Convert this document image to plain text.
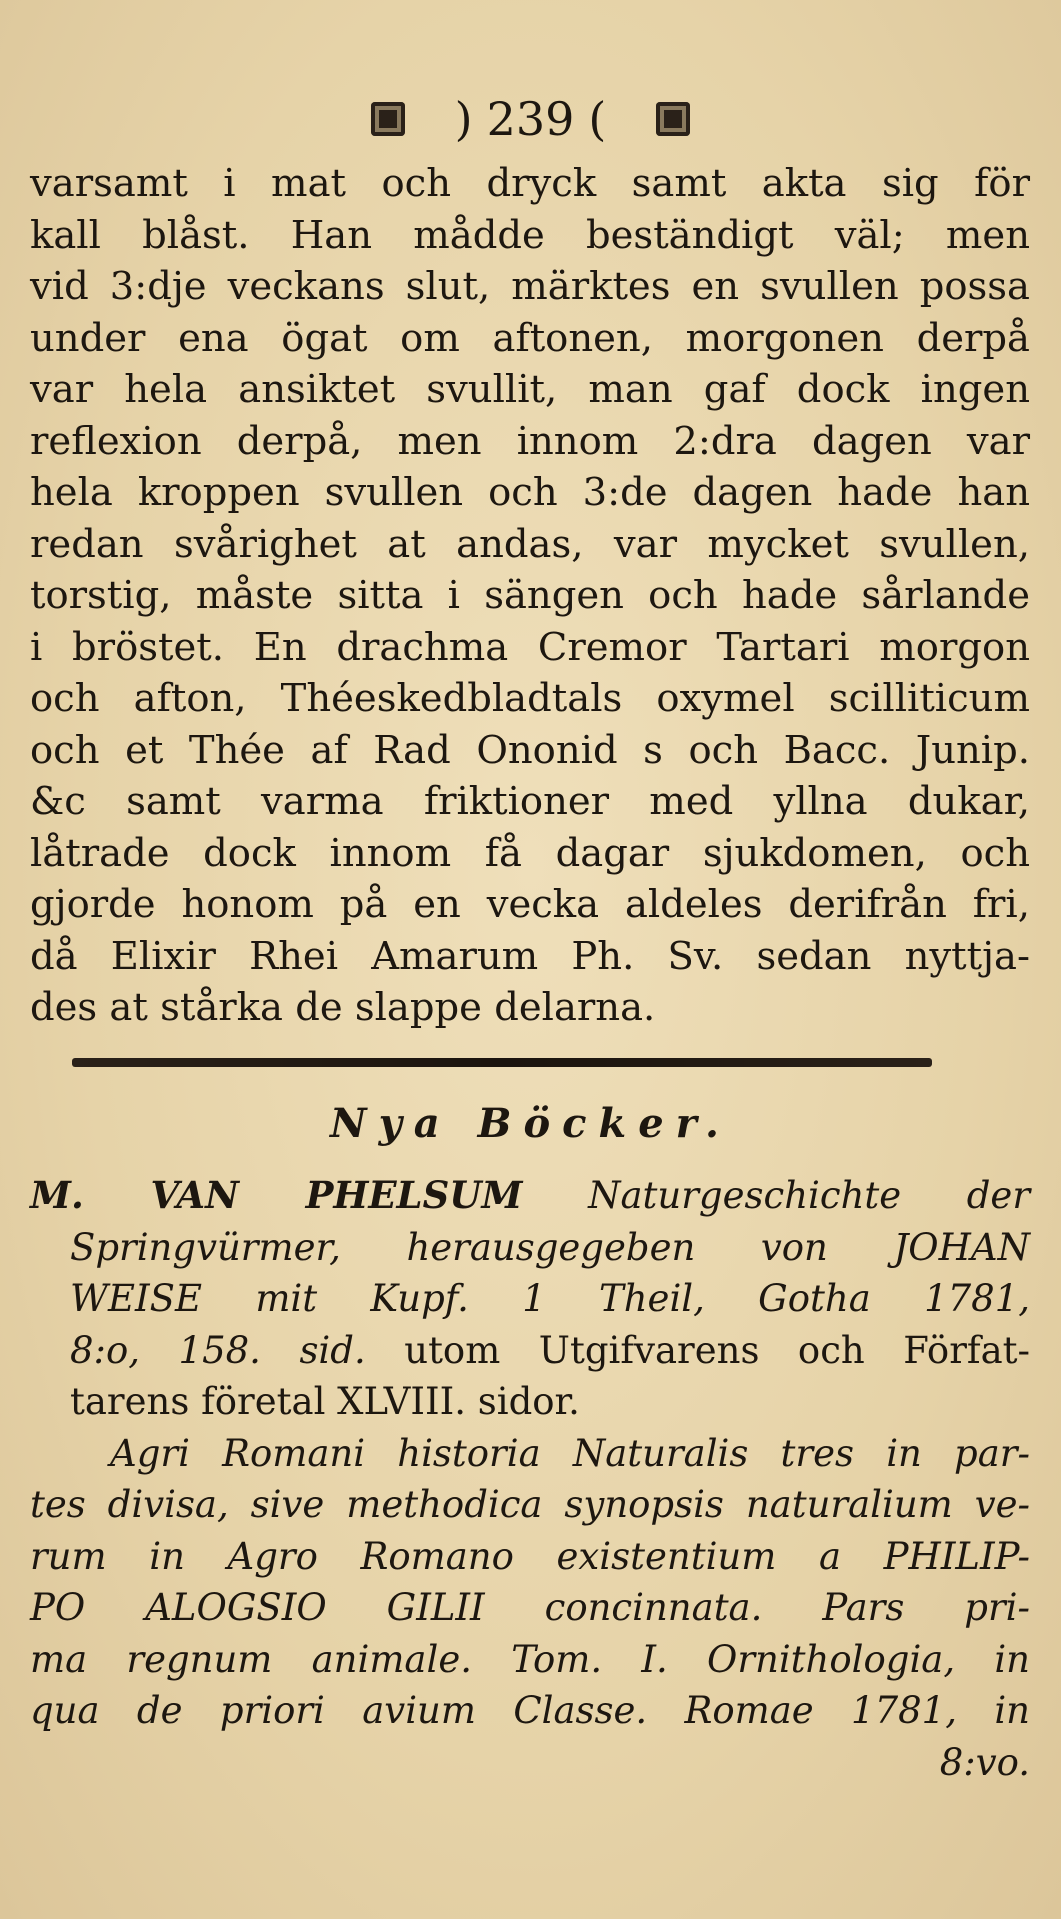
) 239 (
varsamt i mat och dryck samt akta sig för
kall blåst. Han mådde beständigt väl; men
vid 3:dje veckans slut, märktes en svullen possa
under ena ögat om aftonen, morgonen derpå
var hela ansiktet svullit, man gaf dock ingen
reflexion derpå, men innom 2:dra dagen var
hela kroppen svullen och 3:de dagen hade han
redan svårighet at andas, var mycket svullen,
torstig, måste sitta i sängen och hade sårlande
i bröstet. En drachma Cremor Tartari morgon
och afton, Théeskedbladtals oxymel scilliticum
och et Thée af Rad Ononid s och Bacc. Junip.
&c samt varma friktioner med yllna dukar,
låtrade dock innom få dagar sjukdomen, och
gjorde honom på en vecka aldeles derifrån fri,
då Elixir Rhei Amarum Ph. Sv. sedan nyttja-
des at stårka de slappe delarna.
Nya Böcker.
M. VAN PHELSUM Naturgeschichte der
Springvürmer, herausgegeben von JOHAN
WEISE mit Kupf. 1 Theil, Gotha 1781,
8:o, 158. sid. utom Utgifvarens och Förfat-
tarens företal XLVIII. sidor.
Agri Romani historia Naturalis tres in par-
tes divisa, sive methodica synopsis naturalium ve-
rum in Agro Romano existentium a PHILIP-
PO ALOGSIO GILII concinnata. Pars pri-
ma regnum animale. Tom. I. Ornithologia, in
qua de priori avium Classe. Romae 1781, in
8:vo.
